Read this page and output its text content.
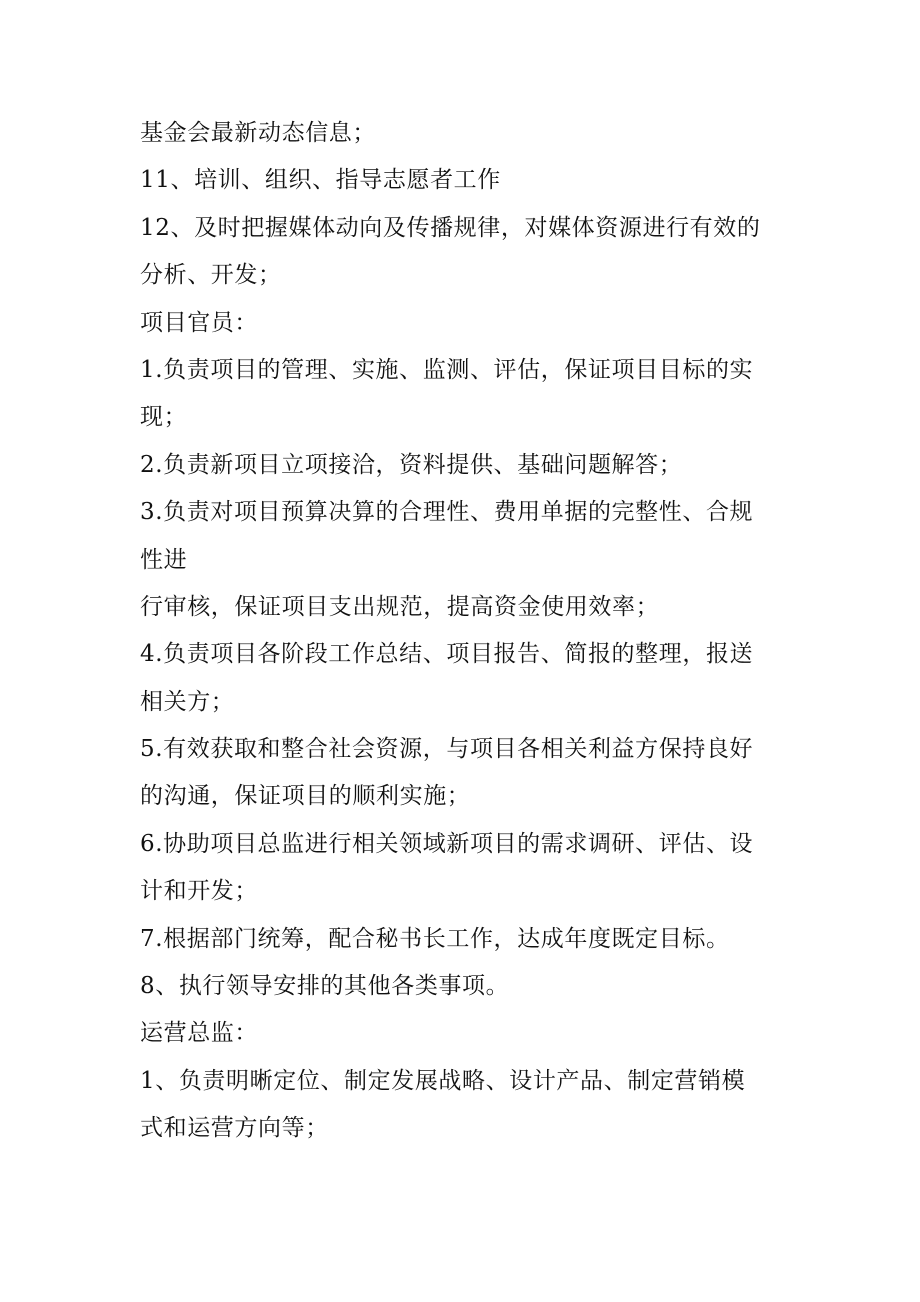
基金会最新动态信息；

11、培训、组织、指导志愿者工作

12、及时把握媒体动向及传播规律，对媒体资源进行有效的

分析、开发；

项目官员：

1.负责项目的管理、实施、监测、评估，保证项目目标的实

现；

2.负责新项目立项接洽，资料提供、基础问题解答；

3.负责对项目预算决算的合理性、费用单据的完整性、合规

性进

行审核，保证项目支出规范，提高资金使用效率；

4.负责项目各阶段工作总结、项目报告、简报的整理，报送

相关方；

5.有效获取和整合社会资源，与项目各相关利益方保持良好

的沟通，保证项目的顺利实施；

6.协助项目总监进行相关领域新项目的需求调研、评估、设

计和开发；

7.根据部门统筹，配合秘书长工作，达成年度既定目标。

8、执行领导安排的其他各类事项。

运营总监：

1、负责明晰定位、制定发展战略、设计产品、制定营销模

式和运营方向等；
